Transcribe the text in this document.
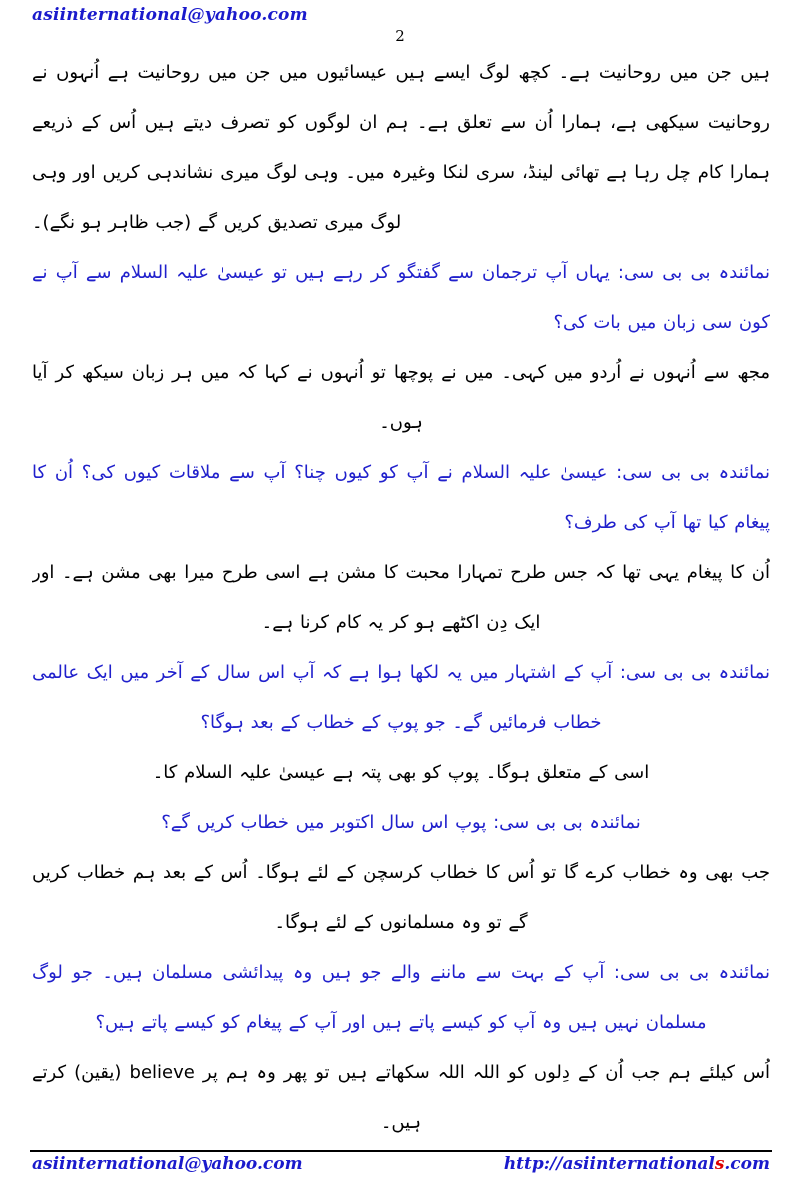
asiinternational@yahoo.com
2

ہیں جن میں روحانیت ہے۔ کچھ لوگ ایسے ہیں عیسائیوں میں جن میں روحانیت ہے اُنہوں نے روحانیت سیکھی ہے، ہمارا اُن سے تعلق ہے۔ ہم ان لوگوں کو تصرف دیتے ہیں اُس کے ذریعے ہمارا کام چل رہا ہے تھائی لینڈ، سری لنکا وغیرہ میں۔ وہی لوگ میری نشاندہی کریں اور وہی لوگ میری تصدیق کریں گے (جب ظاہر ہو نگے)۔

نمائندہ بی بی سی: یہاں آپ ترجمان سے گفتگو کر رہے ہیں تو عیسیٰ علیہ السلام سے آپ نے کون سی زبان میں بات کی؟

مجھ سے اُنہوں نے اُردو میں کہی۔ میں نے پوچھا تو اُنہوں نے کہا کہ میں ہر زبان سیکھ کر آیا ہوں۔

نمائندہ بی بی سی: عیسیٰ علیہ السلام نے آپ کو کیوں چنا؟ آپ سے ملاقات کیوں کی؟ اُن کا پیغام کیا تھا آپ کی طرف؟

اُن کا پیغام یہی تھا کہ جس طرح تمہارا محبت کا مشن ہے اسی طرح میرا بھی مشن ہے۔ اور ایک دِن اکٹھے ہو کر یہ کام کرنا ہے۔

نمائندہ بی بی سی: آپ کے اشتہار میں یہ لکھا ہوا ہے کہ آپ اس سال کے آخر میں ایک عالمی خطاب فرمائیں گے۔ جو پوپ کے خطاب کے بعد ہوگا؟

اسی کے متعلق ہوگا۔ پوپ کو بھی پتہ ہے عیسیٰ علیہ السلام کا۔

نمائندہ بی بی سی: پوپ اس سال اکتوبر میں خطاب کریں گے؟

جب بھی وہ خطاب کرے گا تو اُس کا خطاب کرسچن کے لئے ہوگا۔ اُس کے بعد ہم خطاب کریں گے تو وہ مسلمانوں کے لئے ہوگا۔

نمائندہ بی بی سی: آپ کے بہت سے ماننے والے جو ہیں وہ پیدائشی مسلمان ہیں۔ جو لوگ مسلمان نہیں ہیں وہ آپ کو کیسے پاتے ہیں اور آپ کے پیغام کو کیسے پاتے ہیں؟

اُس کیلئے ہم جب اُن کے دِلوں کو اللہ اللہ سکھاتے ہیں تو پھر وہ ہم پر believe (یقین) کرتے ہیں۔

asiinternational@yahoo.com	http://asiinternationals.com
